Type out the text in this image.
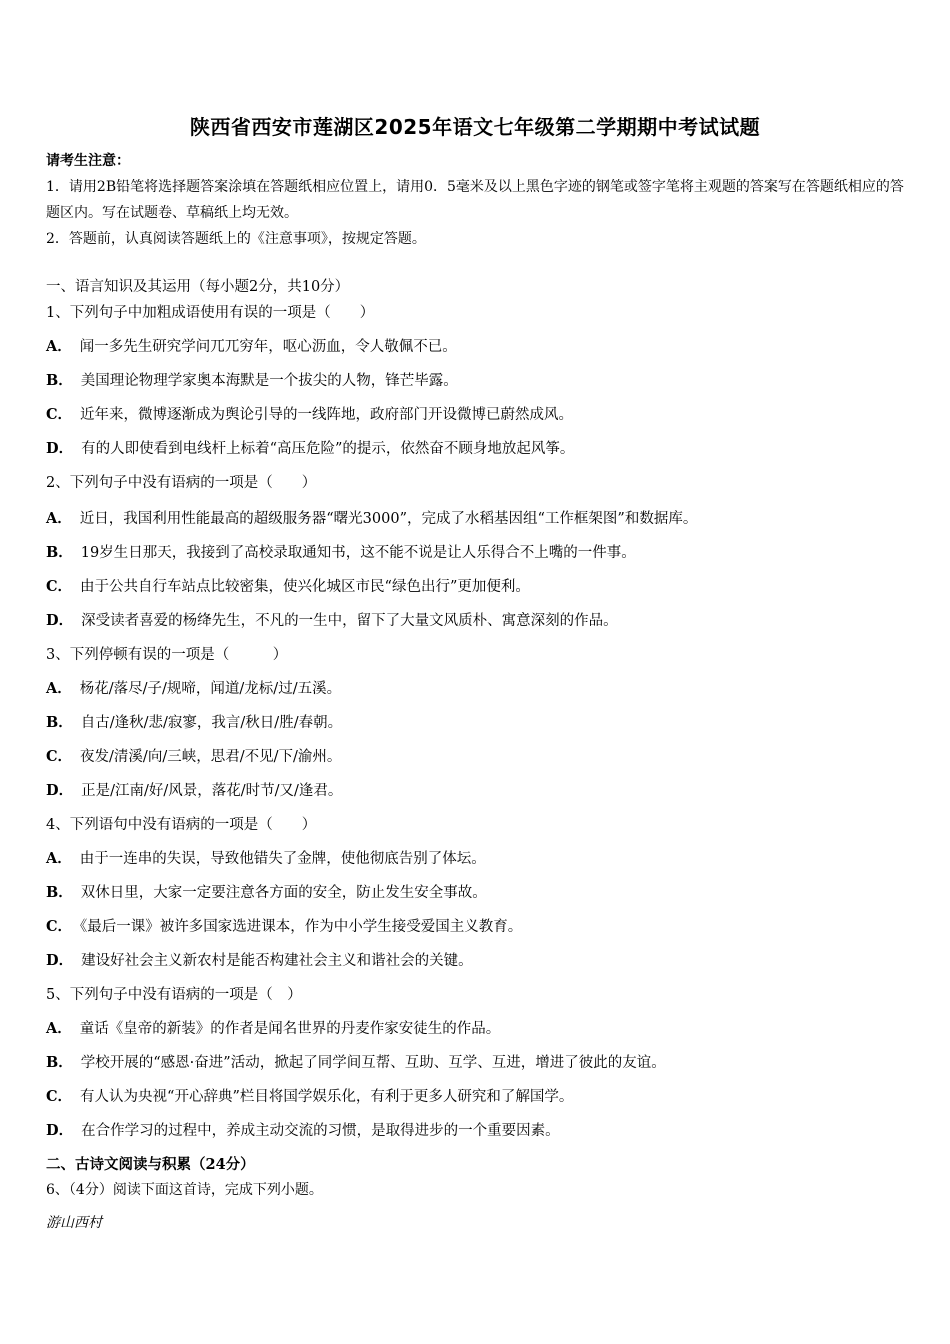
陕西省西安市莲湖区2025年语文七年级第二学期期中考试试题
请考生注意：
1．请用2B铅笔将选择题答案涂填在答题纸相应位置上，请用0．5毫米及以上黑色字迹的钢笔或签字笔将主观题的答案写在答题纸相应的答题区内。写在试题卷、草稿纸上均无效。
2．答题前，认真阅读答题纸上的《注意事项》，按规定答题。
一、语言知识及其运用（每小题2分，共10分）
1、下列句子中加粗成语使用有误的一项是（　　）
A． 闻一多先生研究学问兀兀穷年，呕心沥血，令人敬佩不已。
B． 美国理论物理学家奥本海默是一个拔尖的人物，锋芒毕露。
C． 近年来，微博逐渐成为舆论引导的一线阵地，政府部门开设微博已蔚然成风。
D． 有的人即使看到电线杆上标着“高压危险”的提示，依然奋不顾身地放起风筝。
2、下列句子中没有语病的一项是（　　）
A． 近日，我国利用性能最高的超级服务器“曙光3000”，完成了水稻基因组“工作框架图”和数据库。
B． 19岁生日那天，我接到了高校录取通知书，这不能不说是让人乐得合不上嘴的一件事。
C． 由于公共自行车站点比较密集，使兴化城区市民“绿色出行”更加便利。
D． 深受读者喜爱的杨绛先生，不凡的一生中，留下了大量文风质朴、寓意深刻的作品。
3、下列停顿有误的一项是（　　　）
A． 杨花/落尽/子/规啼，闻道/龙标/过/五溪。
B． 自古/逢秋/悲/寂寥，我言/秋日/胜/春朝。
C． 夜发/清溪/向/三峡，思君/不见/下/渝州。
D． 正是/江南/好/风景，落花/时节/又/逢君。
4、下列语句中没有语病的一项是（　　）
A． 由于一连串的失误，导致他错失了金牌，使他彻底告别了体坛。
B． 双休日里，大家一定要注意各方面的安全，防止发生安全事故。
C． 《最后一课》被许多国家选进课本，作为中小学生接受爱国主义教育。
D． 建设好社会主义新农村是能否构建社会主义和谐社会的关键。
5、下列句子中没有语病的一项是（　）
A． 童话《皇帝的新装》的作者是闻名世界的丹麦作家安徒生的作品。
B． 学校开展的“感恩·奋进”活动，掀起了同学间互帮、互助、互学、互进，增进了彼此的友谊。
C． 有人认为央视“开心辞典”栏目将国学娱乐化，有利于更多人研究和了解国学。
D． 在合作学习的过程中，养成主动交流的习惯，是取得进步的一个重要因素。
二、古诗文阅读与积累（24分）
6、（4分）阅读下面这首诗，完成下列小题。
游山西村
